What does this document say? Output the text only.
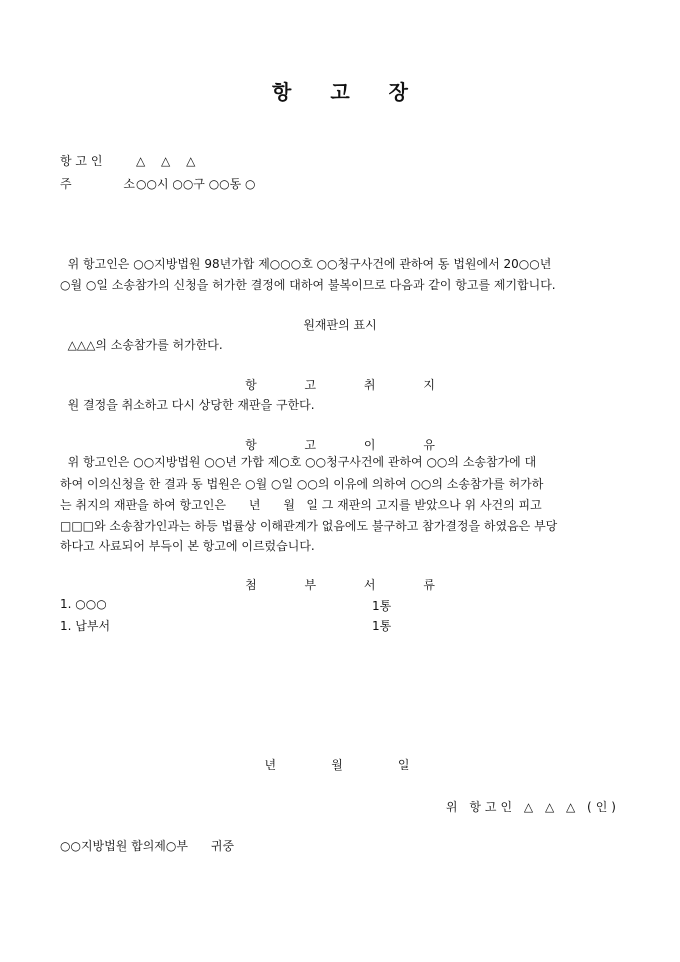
항 고 장
항 고 인	△ △ △
주 소○○시 ○○구 ○○동 ○
위 항고인은 ○○지방법원 98년가합 제○○○호 ○○청구사건에 관하여 동 법원에서 20○○년
○월 ○일 소송참가의 신청을 허가한 결정에 대하여 불복이므로 다음과 같이 항고를 제기합니다.
원재판의 표시
△△△의 소송참가를 허가한다.
항 고 취 지
원 결정을 취소하고 다시 상당한 재판을 구한다.
항 고 이 유
위 항고인은 ○○지방법원 ○○년 가합 제○호 ○○청구사건에 관하여 ○○의 소송참가에 대
하여 이의신청을 한 결과 동 법원은 ○월 ○일 ○○의 이유에 의하여 ○○의 소송참가를 허가하
는 취지의 재판을 하여 항고인은      년      월   일 그 재판의 고지를 받았으나 위 사건의 피고
□□□와 소송참가인과는 하등 법률상 이해관계가 없음에도 불구하고 참가결정을 하였음은 부당
하다고 사료되어 부득이 본 항고에 이르렀습니다.
첨 부 서 류
1. ○○○	1통
1. 납부서	1통
년     월     일
위 항고인 △ △ △ (인)
○○지방법원 합의제○부      귀중
